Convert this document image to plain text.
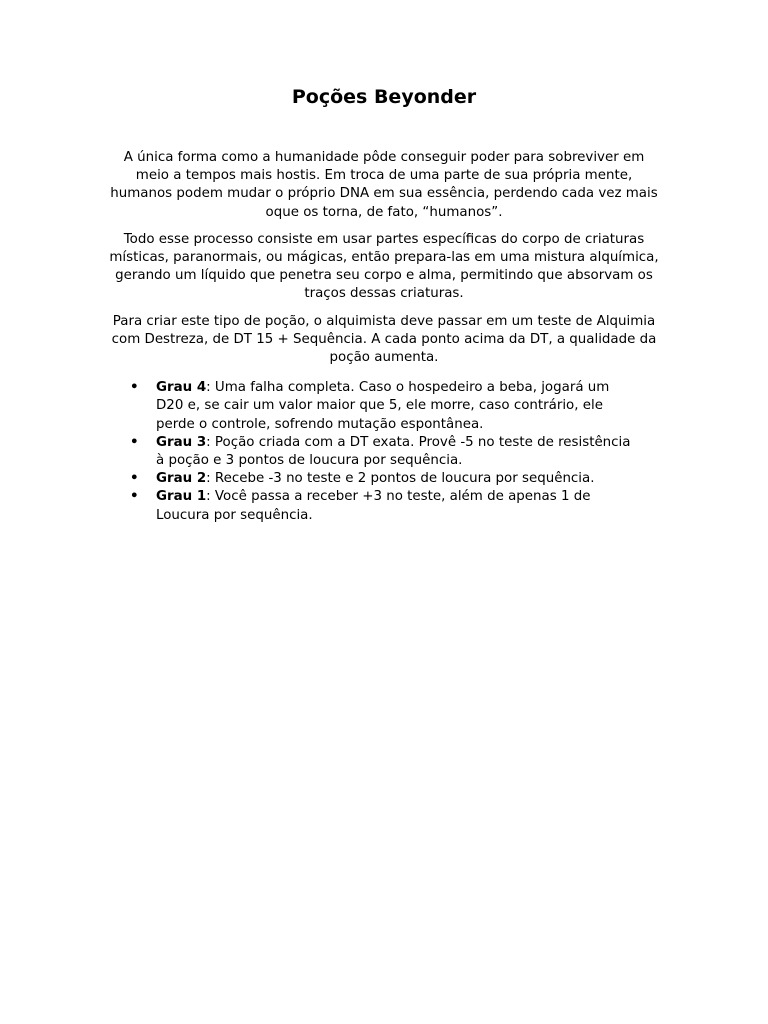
Poções Beyonder

A única forma como a humanidade pôde conseguir poder para sobreviver em meio a tempos mais hostis. Em troca de uma parte de sua própria mente, humanos podem mudar o próprio DNA em sua essência, perdendo cada vez mais oque os torna, de fato, “humanos”.

Todo esse processo consiste em usar partes específicas do corpo de criaturas místicas, paranormais, ou mágicas, então prepara-las em uma mistura alquímica, gerando um líquido que penetra seu corpo e alma, permitindo que absorvam os traços dessas criaturas.

Para criar este tipo de poção, o alquimista deve passar em um teste de Alquimia com Destreza, de DT 15 + Sequência. A cada ponto acima da DT, a qualidade da poção aumenta.

• Grau 4: Uma falha completa. Caso o hospedeiro a beba, jogará um D20 e, se cair um valor maior que 5, ele morre, caso contrário, ele perde o controle, sofrendo mutação espontânea.
• Grau 3: Poção criada com a DT exata. Provê -5 no teste de resistência à poção e 3 pontos de loucura por sequência.
• Grau 2: Recebe -3 no teste e 2 pontos de loucura por sequência.
• Grau 1: Você passa a receber +3 no teste, além de apenas 1 de Loucura por sequência.
